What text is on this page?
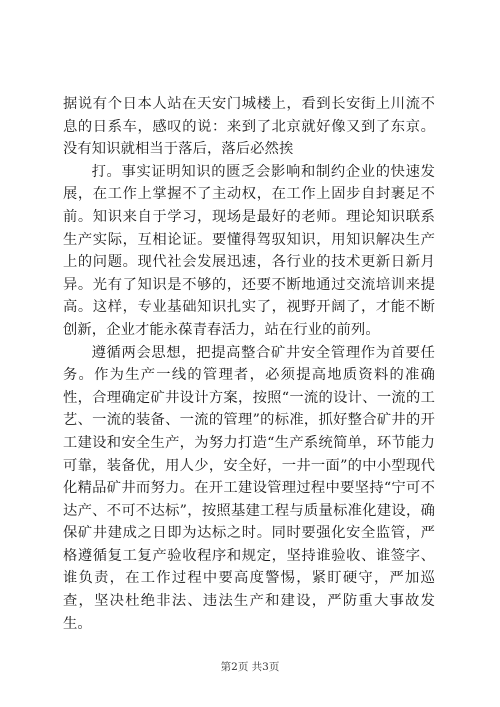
据说有个日本人站在天安门城楼上，看到长安街上川流不息的日系车，感叹的说：来到了北京就好像又到了东京。没有知识就相当于落后，落后必然挨

打。事实证明知识的匮乏会影响和制约企业的快速发展，在工作上掌握不了主动权，在工作上固步自封裹足不前。知识来自于学习，现场是最好的老师。理论知识联系生产实际，互相论证。要懂得驾驭知识，用知识解决生产上的问题。现代社会发展迅速，各行业的技术更新日新月异。光有了知识是不够的，还要不断地通过交流培训来提高。这样，专业基础知识扎实了，视野开阔了，才能不断创新，企业才能永葆青春活力，站在行业的前列。

遵循两会思想，把提高整合矿井安全管理作为首要任务。作为生产一线的管理者，必须提高地质资料的准确性，合理确定矿井设计方案，按照“一流的设计、一流的工艺、一流的装备、一流的管理”的标准，抓好整合矿井的开工建设和安全生产，为努力打造“生产系统简单，环节能力可靠，装备优，用人少，安全好，一井一面”的中小型现代化精品矿井而努力。在开工建设管理过程中要坚持“宁可不达产、不可不达标”，按照基建工程与质量标准化建设，确保矿井建成之日即为达标之时。同时要强化安全监管，严格遵循复工复产验收程序和规定，坚持谁验收、谁签字、谁负责，在工作过程中要高度警惕，紧盯硬守，严加巡查，坚决杜绝非法、违法生产和建设，严防重大事故发生。

第2页 共3页
